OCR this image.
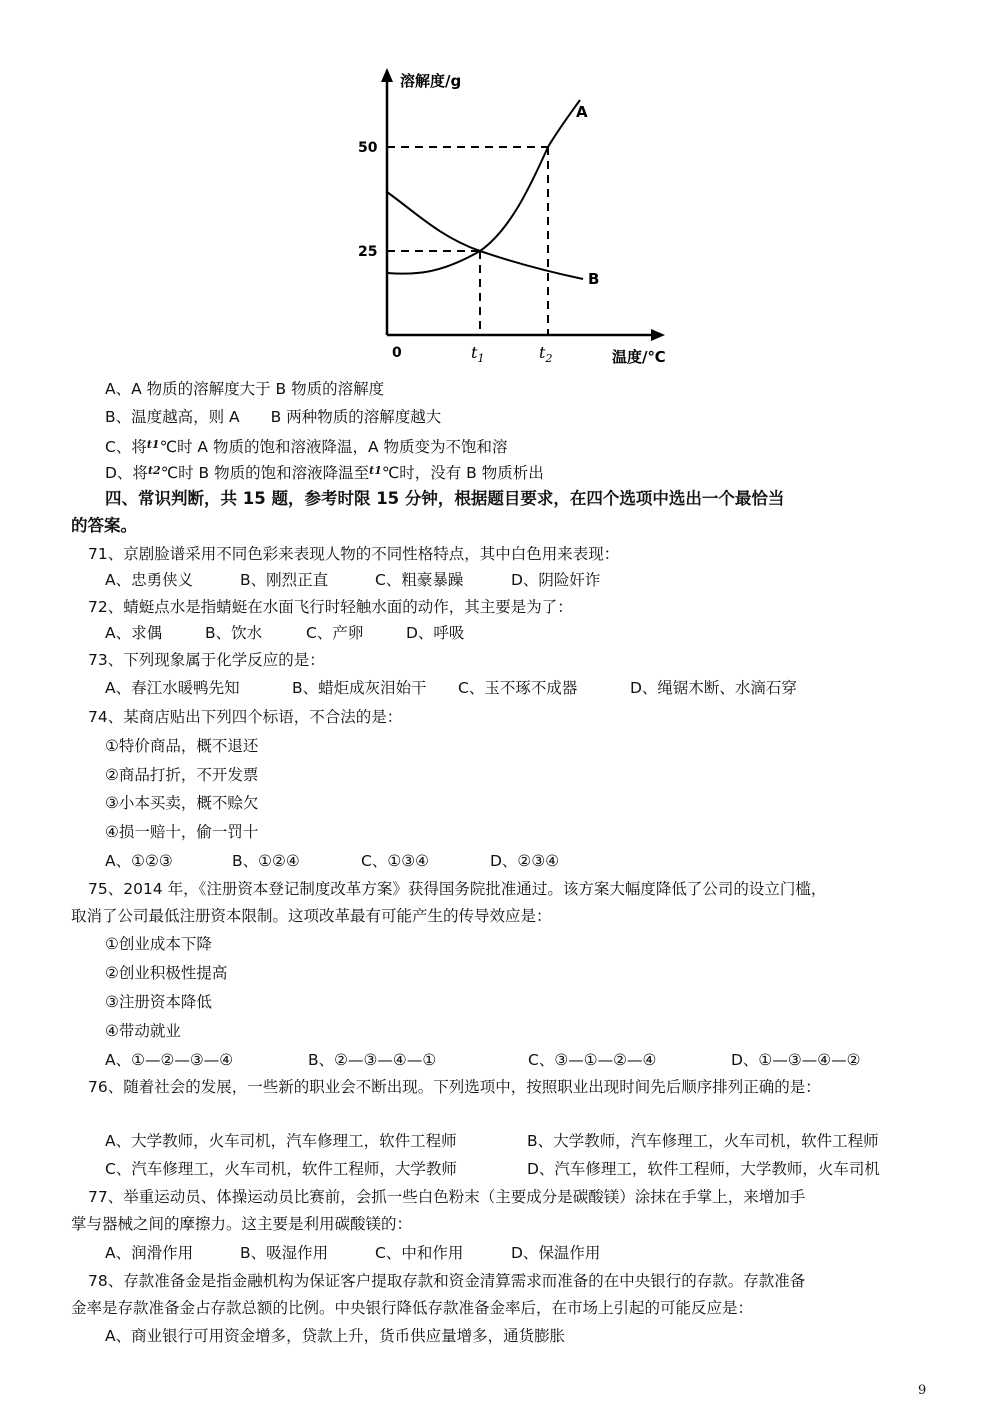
A
B
溶解度/g
温度/℃
50
25
0	$t_1$	$t_2$
A、A 物质的溶解度大于 B 物质的溶解度
B、温度越高，则 A　　B 两种物质的溶解度越大
C、将$^{t1}$℃时 A 物质的饱和溶液降温，A 物质变为不饱和溶
D、将$^{t2}$℃时 B 物质的饱和溶液降温至$^{t1}$℃时，没有 B 物质析出
四、常识判断，共 15 题，参考时限 15 分钟，根据题目要求，在四个选项中选出一个最恰当
的答案。
71、京剧脸谱采用不同色彩来表现人物的不同性格特点，其中白色用来表现：
A、忠勇侠义	B、刚烈正直	C、粗豪暴躁	D、阴险奸诈
72、蜻蜓点水是指蜻蜓在水面飞行时轻触水面的动作，其主要是为了：
A、求偶	B、饮水	C、产卵	D、呼吸
73、下列现象属于化学反应的是：
A、春江水暖鸭先知	B、蜡炬成灰泪始干 C、玉不琢不成器	D、绳锯木断、水滴石穿
74、某商店贴出下列四个标语，不合法的是：
①特价商品，概不退还
②商品打折，不开发票
③小本买卖，概不赊欠
④损一赔十，偷一罚十
A、①②③	B、①②④	C、①③④	D、②③④
75、2014 年，《注册资本登记制度改革方案》获得国务院批准通过。该方案大幅度降低了公司的设立门槛，
取消了公司最低注册资本限制。这项改革最有可能产生的传导效应是：
①创业成本下降
②创业积极性提高
③注册资本降低
④带动就业
A、①—②—③—④	B、②—③—④—①	C、③—①—②—④	D、①—③—④—②
76、随着社会的发展，一些新的职业会不断出现。下列选项中，按照职业出现时间先后顺序排列正确的是：
A、大学教师，火车司机，汽车修理工，软件工程师	B、大学教师，汽车修理工，火车司机，软件工程师
C、汽车修理工，火车司机，软件工程师，大学教师	D、汽车修理工，软件工程师，大学教师，火车司机
77、举重运动员、体操运动员比赛前，会抓一些白色粉末（主要成分是碳酸镁）涂抹在手掌上，来增加手
掌与器械之间的摩擦力。这主要是利用碳酸镁的：
A、润滑作用	B、吸湿作用	C、中和作用	D、保温作用
78、存款准备金是指金融机构为保证客户提取存款和资金清算需求而准备的在中央银行的存款。存款准备
金率是存款准备金占存款总额的比例。中央银行降低存款准备金率后，在市场上引起的可能反应是：
A、商业银行可用资金增多，贷款上升，货币供应量增多，通货膨胀
9
